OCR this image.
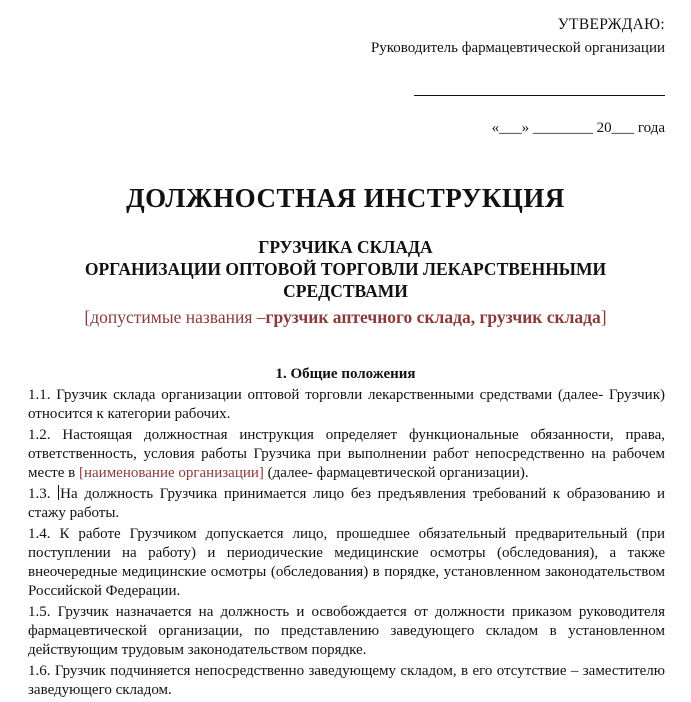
УТВЕРЖДАЮ:
Руководитель фармацевтической организации
«___» ________ 20___ года
ДОЛЖНОСТНАЯ ИНСТРУКЦИЯ
ГРУЗЧИКА СКЛАДА
ОРГАНИЗАЦИИ ОПТОВОЙ ТОРГОВЛИ ЛЕКАРСТВЕННЫМИ
СРЕДСТВАМИ
[допустимые названия –грузчик аптечного склада, грузчик склада]
1. Общие положения
1.1. Грузчик склада организации оптовой торговли лекарственными средствами (далее- Грузчик) относится к категории рабочих.
1.2. Настоящая должностная инструкция определяет функциональные обязанности, права, ответственность, условия работы Грузчика при выполнении работ непосредственно на рабочем месте в [наименование организации] (далее- фармацевтической организации).
1.3. На должность Грузчика принимается лицо без предъявления требований к образованию и стажу работы.
1.4. К работе Грузчиком допускается лицо, прошедшее обязательный предварительный (при поступлении на работу) и периодические медицинские осмотры (обследования), а также внеочередные медицинские осмотры (обследования) в порядке, установленном законодательством Российской Федерации.
1.5. Грузчик назначается на должность и освобождается от должности приказом руководителя фармацевтической организации, по представлению заведующего складом в установленном действующим трудовым законодательством порядке.
1.6. Грузчик подчиняется непосредственно заведующему складом, в его отсутствие – заместителю заведующего складом.
